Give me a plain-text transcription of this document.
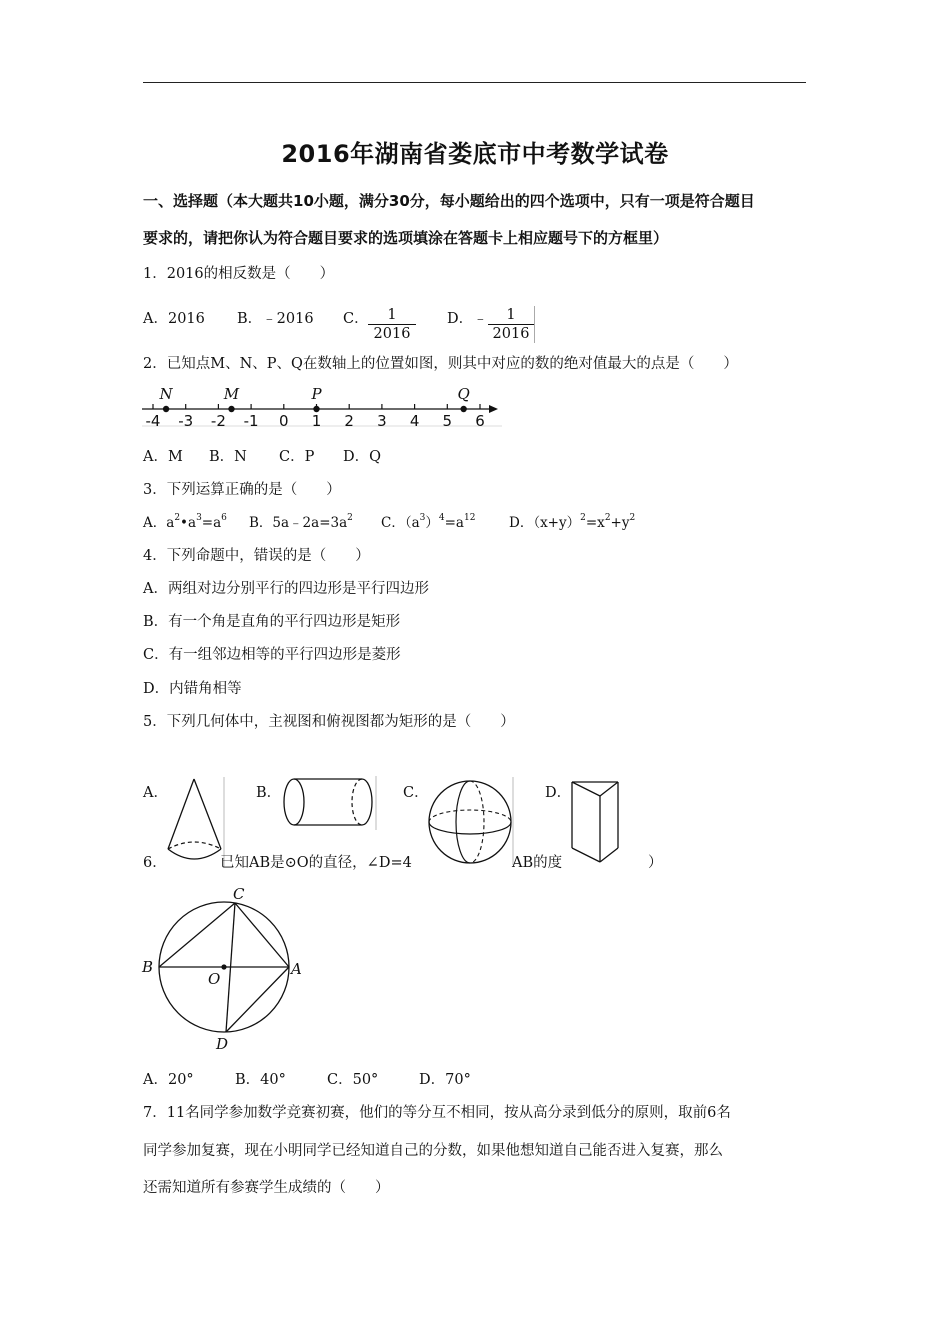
2016年湖南省娄底市中考数学试卷
一、选择题（本大题共10小题，满分30分，每小题给出的四个选项中，只有一项是符合题目
要求的，请把你认为符合题目要求的选项填涂在答题卡上相应题号下的方框里）
1．2016的相反数是（　　）
A．2016 B．﹣2016 C． $\frac{1}{2016}$ D．﹣ $\frac{1}{2016}$
2．已知点M、N、P、Q在数轴上的位置如图，则其中对应的数的绝对值最大的点是（　　）
-4 -3 -2 -1 0 1 2 3 4 5 6
N	M	P	Q
A．M B．N C．P D．Q
3．下列运算正确的是（　　）
A．$a^2•a^3=a^6$ B．$5a﹣2a=3a^2$ C．$(a^3)^4=a^{12}$ D．$(x+y)^2=x^2+y^2$
4．下列命题中，错误的是（　　）
A．两组对边分别平行的四边形是平行四边形
B．有一个角是直角的平行四边形是矩形
C．有一组邻边相等的平行四边形是菱形
D．内错角相等
5．下列几何体中，主视图和俯视图都为矩形的是（　　）
A．	B．	C．	D．
6．	已知AB是⊙O的直径，∠D=4	AB的度	）
C
B
O
A
D
A．20°	B．40°	C．50°	D．70°
7．11名同学参加数学竞赛初赛，他们的等分互不相同，按从高分录到低分的原则，取前6名
同学参加复赛，现在小明同学已经知道自己的分数，如果他想知道自己能否进入复赛，那么
还需知道所有参赛学生成绩的（　　）
